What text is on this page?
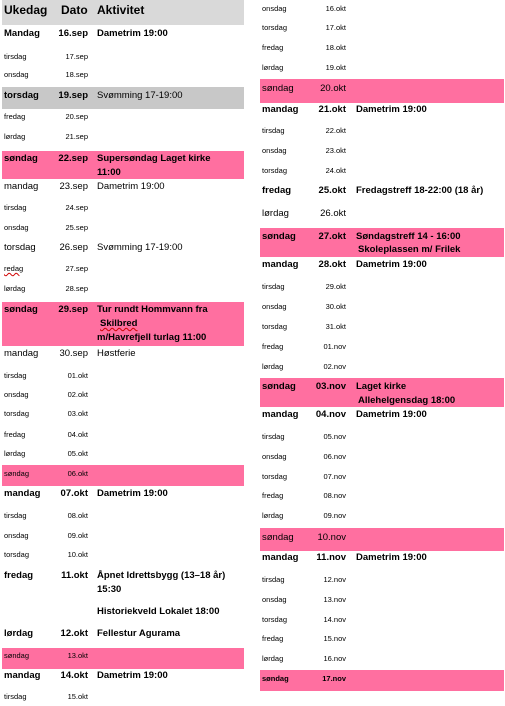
Ukedag Dato Aktivitet
Mandag	16.sep Dametrim 19:00
tirsdag	17.sep
onsdag	18.sep
torsdag	19.sep Svømming 17-19:00
fredag	20.sep
lørdag	21.sep
søndag	22.sep Supersøndag Laget kirke
11:00
mandag	23.sep Dametrim 19:00
tirsdag	24.sep
onsdag	25.sep
torsdag	26.sep Svømming 17-19:00
redag	27.sep
lørdag	28.sep
søndag	29.sep Tur rundt Hommvann fra
Skilbred
m/Havrefjell turlag 11:00
mandag	30.sep Høstferie
tirsdag	01.okt
onsdag	02.okt
torsdag	03.okt
fredag	04.okt
lørdag	05.okt
søndag	06.okt
mandag	07.okt Dametrim 19:00
tirsdag	08.okt
onsdag	09.okt
torsdag	10.okt
fredag	11.okt Åpnet Idrettsbygg (13–18 år)
15:30
Historiekveld Lokalet 18:00
lørdag	12.okt Fellestur Agurama
søndag	13.okt
mandag	14.okt Dametrim 19:00
tirsdag	15.okt
onsdag	16.okt
torsdag	17.okt
fredag	18.okt
lørdag	19.okt
søndag	20.okt
mandag	21.okt Dametrim 19:00
tirsdag	22.okt
onsdag	23.okt
torsdag	24.okt
fredag	25.okt Fredagstreff 18-22:00 (18 år)
lørdag	26.okt
søndag	27.okt Søndagstreff 14 - 16:00
Skoleplassen m/ Frilek
mandag	28.okt Dametrim 19:00
tirsdag	29.okt
onsdag	30.okt
torsdag	31.okt
fredag	01.nov
lørdag	02.nov
søndag	03.nov Laget kirke
Allehelgensdag 18:00
mandag	04.nov Dametrim 19:00
tirsdag	05.nov
onsdag	06.nov
torsdag	07.nov
fredag	08.nov
lørdag	09.nov
søndag	10.nov
mandag	11.nov Dametrim 19:00
tirsdag	12.nov
onsdag	13.nov
torsdag	14.nov
fredag	15.nov
lørdag	16.nov
søndag	17.nov
